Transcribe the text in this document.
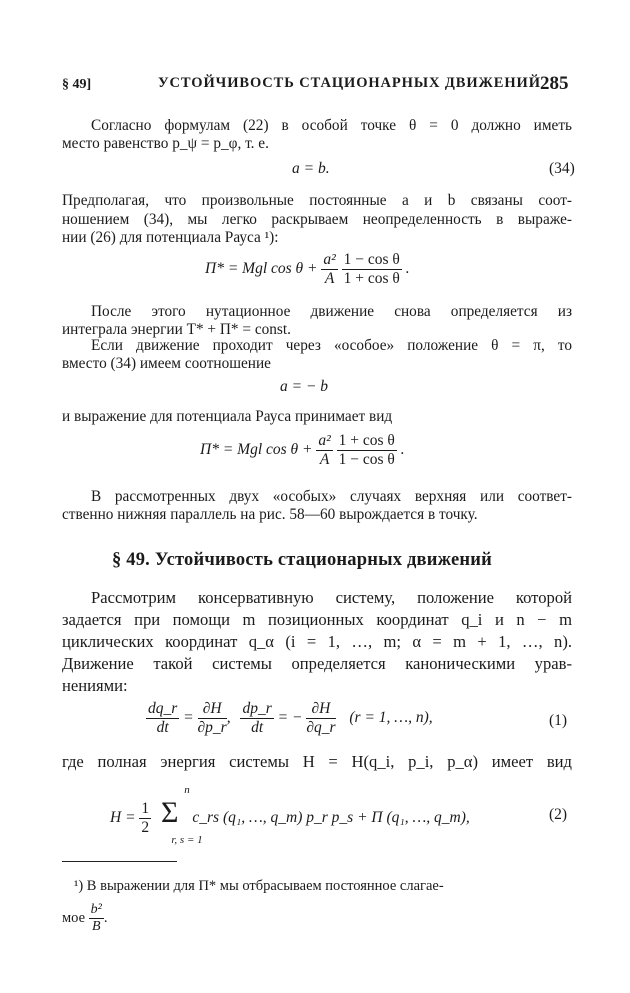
§ 49]	УСТОЙЧИВОСТЬ СТАЦИОНАРНЫХ ДВИЖЕНИЙ 285
Согласно формулам (22) в особой точке θ = 0 должно иметь
место равенство p_ψ = p_φ, т. е.
a = b.	(34)
Предполагая, что произвольные постоянные a и b связаны соот-
ношением (34), мы легко раскрываем неопределенность в выраже-
нии (26) для потенциала Рауса ¹):
Π* = Mgl $\cos \theta + \frac{\text{a²}}{A}$
$\frac{\text{1 − cos θ}}{\text{1 + cos θ}}$ .
После этого нутационное движение снова определяется из
интеграла энергии T* + Π* = const.
Если движение проходит через «особое» положение θ = π, то
вместо (34) имеем соотношение
a = − b
и выражение для потенциала Рауса принимает вид
Π* = Mgl $\cos \theta + \frac{\text{a²}}{A}$
$\frac{\text{1 + cos θ}}{\text{1 − cos θ}}$ .
В рассмотренных двух «особых» случаях верхняя или соответ-
ственно нижняя параллель на рис. 58—60 вырождается в точку.
§ 49. Устойчивость стационарных движений
Рассмотрим консервативную систему, положение которой
задается при помощи m позиционных координат q_i и n − m
циклических координат q_α (i = 1, …, m; α = m + 1, …, n).
Движение такой системы определяется каноническими урав-
нениями:
$\frac{dq\_r}{dt} = \frac{\partial H}{\partial p\_r}$ , $\frac{dp\_r}{dt}$ = − $\frac{\partial H}{\partial q\_r} (r = 1$, …, n),	(1)
где полная энергия системы H = H(q_i, p_i, p_α) имеет вид
n
$H = \frac{1}{2}$ Σ c_rs (q₁, …, q_m) p_r p_s + Π (q₁, …, q_m),
r, s = 1
(2)
¹) В выражении для Π* мы отбрасываем постоянное слагае-
мое $\frac{\text{b²}}{B}$ .
